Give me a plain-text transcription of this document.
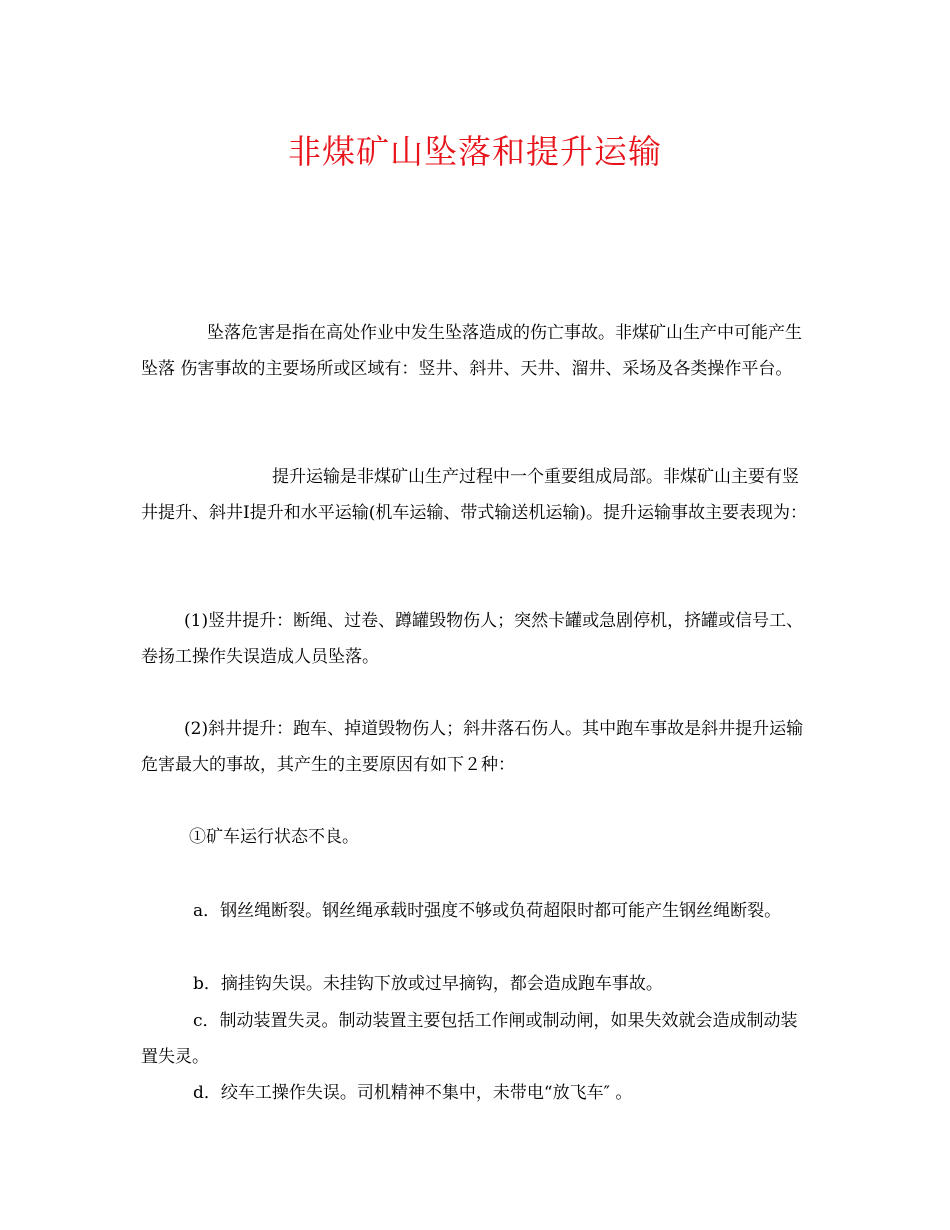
非煤矿山坠落和提升运输

坠落危害是指在高处作业中发生坠落造成的伤亡事故。非煤矿山生产中可能产生坠落 伤害事故的主要场所或区域有：竖井、斜井、天井、溜井、采场及各类操作平台。

提升运输是非煤矿山生产过程中一个重要组成局部。非煤矿山主要有竖井提升、斜井Ⅰ提升和水平运输(机车运输、带式输送机运输)。提升运输事故主要表现为：

(1)竖井提升：断绳、过卷、蹲罐毁物伤人；突然卡罐或急剧停机，挤罐或信号工、卷扬工操作失误造成人员坠落。

(2)斜井提升：跑车、掉道毁物伤人；斜井落石伤人。其中跑车事故是斜井提升运输危害最大的事故，其产生的主要原因有如下２种：

①矿车运行状态不良。

a．钢丝绳断裂。钢丝绳承载时强度不够或负荷超限时都可能产生钢丝绳断裂。

b．摘挂钩失误。未挂钩下放或过早摘钩，都会造成跑车事故。

c．制动装置失灵。制动装置主要包括工作闸或制动闸，如果失效就会造成制动装置失灵。

d．绞车工操作失误。司机精神不集中，未带电“放飞车″ 。
